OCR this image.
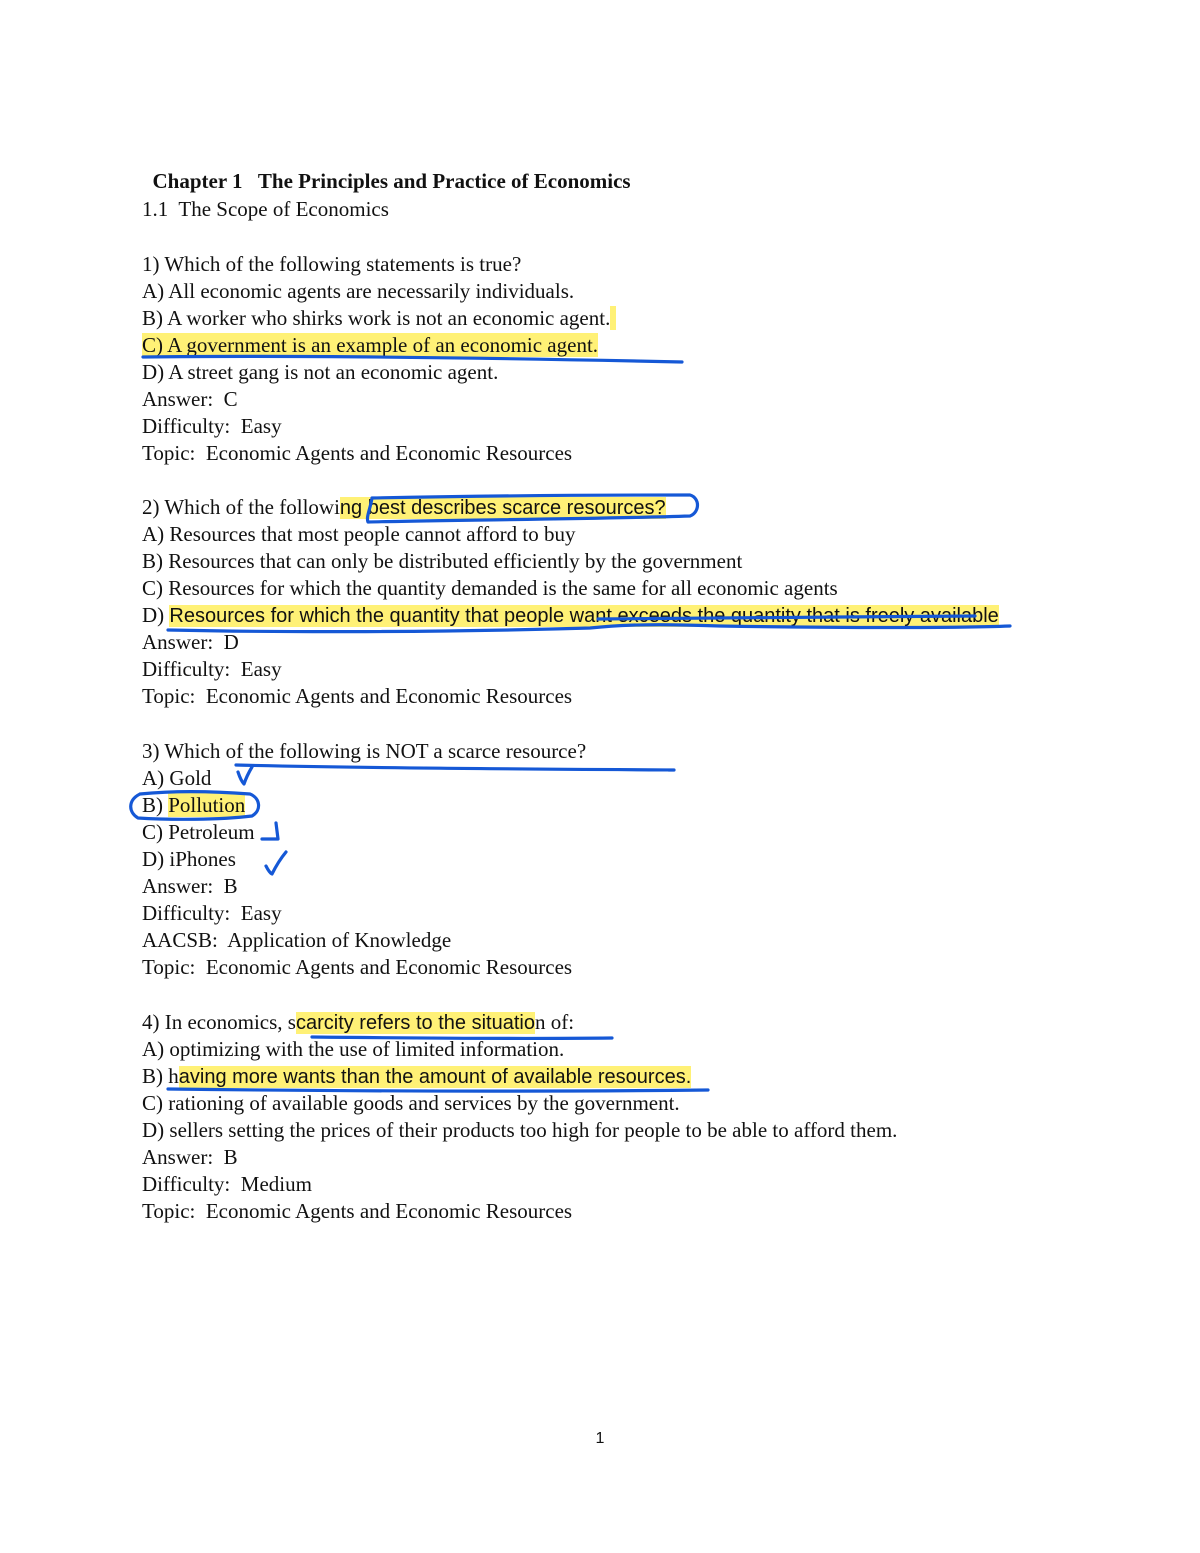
Chapter 1 The Principles and Practice of Economics

1.1  The Scope of Economics
1) Which of the following statements is true?
A) All economic agents are necessarily individuals.
B) A worker who shirks work is not an economic agent.
C) A government is an example of an economic agent.
D) A street gang is not an economic agent.
Answer:  C
Difficulty:  Easy
Topic:  Economic Agents and Economic Resources
2) Which of the following best describes scarce resources?
A) Resources that most people cannot afford to buy
B) Resources that can only be distributed efficiently by the government
C) Resources for which the quantity demanded is the same for all economic agents
D) Resources for which the quantity that people want exceeds the quantity that is freely available
Answer:  D
Difficulty:  Easy
Topic:  Economic Agents and Economic Resources
3) Which of the following is NOT a scarce resource?
A) Gold
B) Pollution
C) Petroleum
D) iPhones
Answer:  B
Difficulty:  Easy
AACSB:  Application of Knowledge
Topic:  Economic Agents and Economic Resources
4) In economics, scarcity refers to the situation of:
A) optimizing with the use of limited information.
B) having more wants than the amount of available resources.
C) rationing of available goods and services by the government.
D) sellers setting the prices of their products too high for people to be able to afford them.
Answer:  B
Difficulty:  Medium
Topic:  Economic Agents and Economic Resources
1
